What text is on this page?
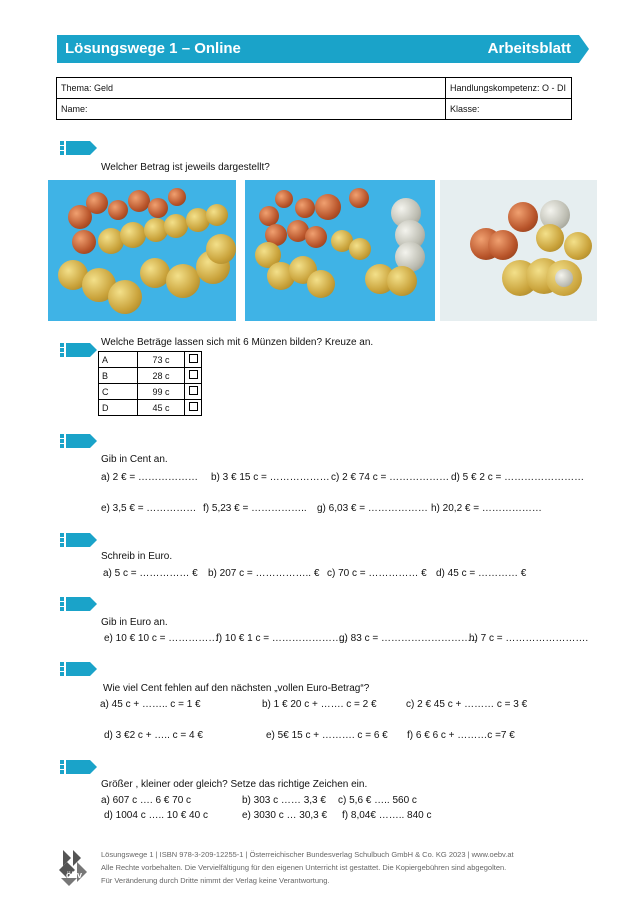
Lösungswege 1 – Online	Arbeitsblatt
Thema: Geld	Handlungskompetenz: O - DI
Name:	Klasse:
Welcher Betrag ist jeweils dargestellt?
Welche Beträge lassen sich mit 6 Münzen bilden? Kreuze an.
A	73 c	
B	28 c	
C	99 c	
D	45 c	
Gib in Cent an.
a) 2 € = ……………… b) 3 € 15 c = ……………… c) 2 € 74 c = ……………… d) 5 € 2 c = ……………………
e) 3,5 € = …………… f) 5,23 € = …………….. g) 6,03 € = ……………… h) 20,2 € = ………………
Schreib in Euro.
a) 5 c = …………… € b) 207 c = …………….. € c) 70 c = …………… € d) 45 c = ………… €
Gib in Euro an.
e) 10 € 10 c = ……………
f) 10 € 1 c = …………………..
g) 83 c = ………………………..
h) 7 c = …………………….
Wie viel Cent fehlen auf den nächsten „vollen Euro-Betrag“?
a) 45 c + …….. c = 1 €	b) 1 € 20 c + ……. c = 2 €	c) 2 € 45 c + ……… c = 3 €
d) 3 €2 c + ….. c = 4 €	e) 5€ 15 c + ………. c = 6 € f) 6 € 6 c + ………c =7 €
Größer , kleiner oder gleich? Setze das richtige Zeichen ein.
a) 607 c …. 6 € 70 c	b) 303 c …… 3,3 € c) 5,6 € ….. 560 c
d) 1004 c ….. 10 € 40 c	e) 3030 c … 30,3 € f) 8,04€ …….. 840 c
öbv
Lösungswege 1 | ISBN 978-3-209-12255-1 | Österreichischer Bundesverlag Schulbuch GmbH & Co. KG 2023 | www.oebv.at
Alle Rechte vorbehalten. Die Vervielfältigung für den eigenen Unterricht ist gestattet. Die Kopiergebühren sind abgegolten.
Für Veränderung durch Dritte nimmt der Verlag keine Verantwortung.
